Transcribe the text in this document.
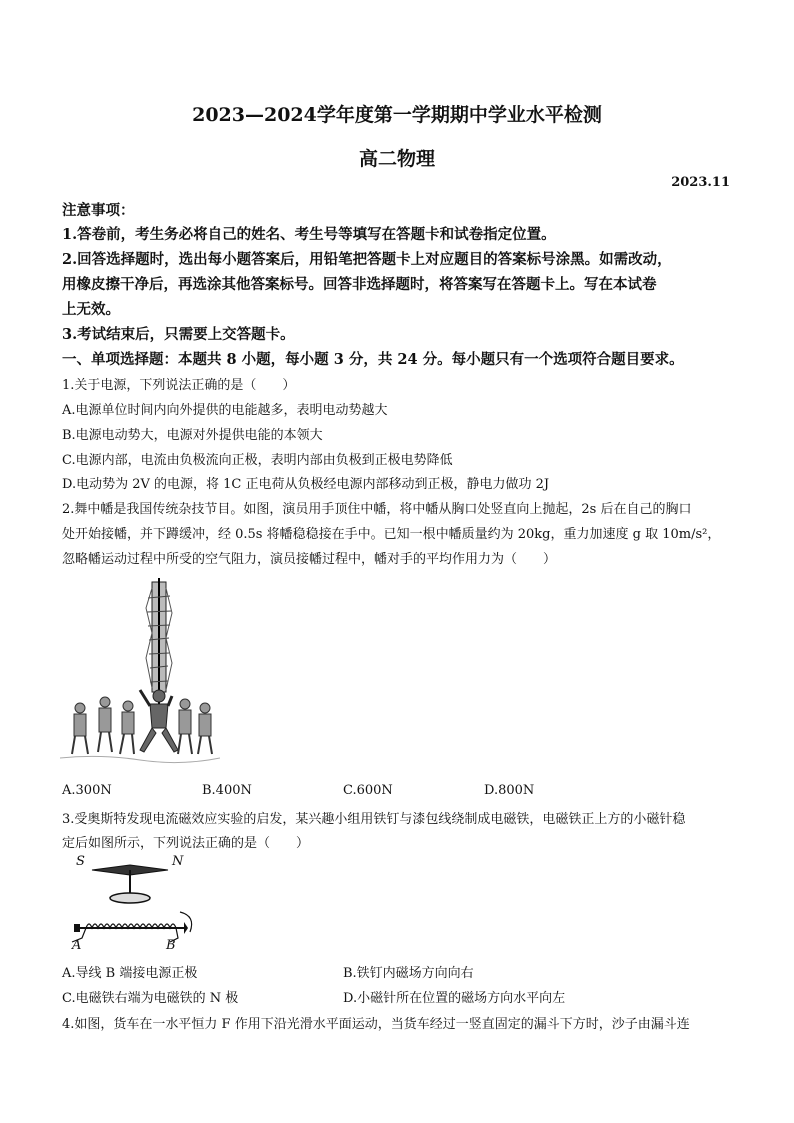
2023—2024学年度第一学期期中学业水平检测
高二物理
2023.11
注意事项：
1.答卷前，考生务必将自己的姓名、考生号等填写在答题卡和试卷指定位置。
2.回答选择题时，选出每小题答案后，用铅笔把答题卡上对应题目的答案标号涂黑。如需改动，
用橡皮擦干净后，再选涂其他答案标号。回答非选择题时，将答案写在答题卡上。写在本试卷
上无效。
3.考试结束后，只需要上交答题卡。
一、单项选择题：本题共 8 小题，每小题 3 分，共 24 分。每小题只有一个选项符合题目要求。
1.关于电源，下列说法正确的是（　　）
A.电源单位时间内向外提供的电能越多，表明电动势越大
B.电源电动势大，电源对外提供电能的本领大
C.电源内部，电流由负极流向正极，表明内部由负极到正极电势降低
D.电动势为 2V 的电源，将 1C 正电荷从负极经电源内部移动到正极，静电力做功 2J
2.舞中幡是我国传统杂技节目。如图，演员用手顶住中幡，将中幡从胸口处竖直向上抛起，2s 后在自己的胸口
处开始接幡，并下蹲缓冲，经 0.5s 将幡稳稳接在手中。已知一根中幡质量约为 20kg，重力加速度 g 取 10m/s²，
忽略幡运动过程中所受的空气阻力，演员接幡过程中，幡对手的平均作用力为（　　）
A.300N	B.400N	C.600N	D.800N
3.受奥斯特发现电流磁效应实验的启发，某兴趣小组用铁钉与漆包线绕制成电磁铁，电磁铁正上方的小磁针稳
定后如图所示，下列说法正确的是（　　）
S	N
A	B
A.导线 B 端接电源正极	B.铁钉内磁场方向向右
C.电磁铁右端为电磁铁的 N 极	D.小磁针所在位置的磁场方向水平向左
4.如图，货车在一水平恒力 F 作用下沿光滑水平面运动，当货车经过一竖直固定的漏斗下方时，沙子由漏斗连
